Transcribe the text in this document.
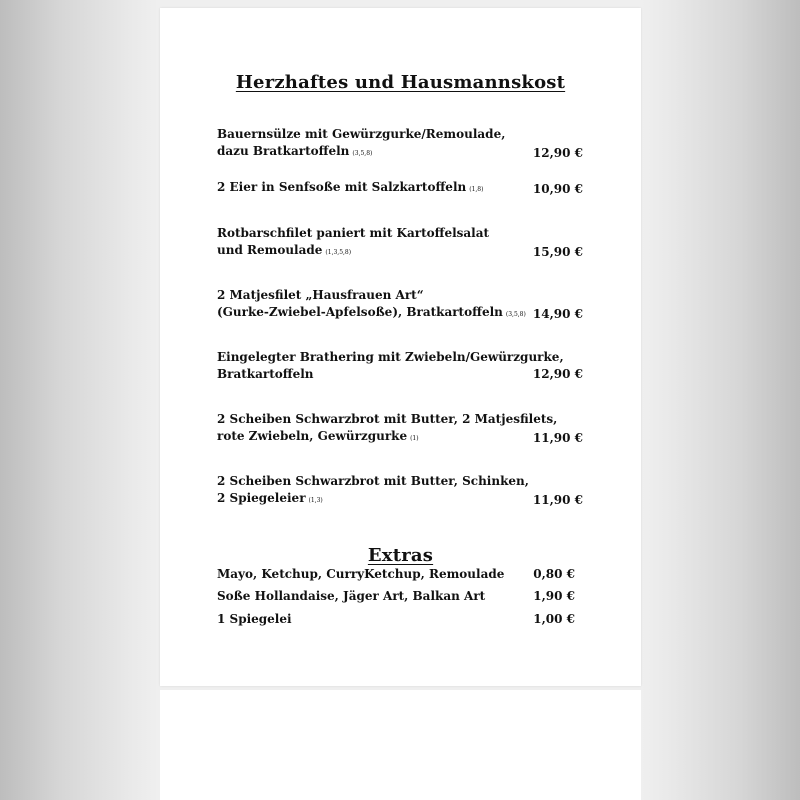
Herzhaftes und Hausmannskost
Bauernsülze mit Gewürzgurke/Remoulade,
dazu Bratkartoffeln (3,5,8)	12,90 €
2 Eier in Senfsoße mit Salzkartoffeln (1,8)	10,90 €
Rotbarschfilet paniert mit Kartoffelsalat
und Remoulade (1,3,5,8)	15,90 €
2 Matjesfilet „Hausfrauen Art“
(Gurke-Zwiebel-Apfelsoße), Bratkartoffeln (3,5,8) 14,90 €
Eingelegter Brathering mit Zwiebeln/Gewürzgurke,
Bratkartoffeln	12,90 €
2 Scheiben Schwarzbrot mit Butter, 2 Matjesfilets,
rote Zwiebeln, Gewürzgurke (1)	11,90 €
2 Scheiben Schwarzbrot mit Butter, Schinken,
2 Spiegeleier (1,3)	11,90 €
Extras
Mayo, Ketchup, CurryKetchup, Remoulade 0,80 €
Soße Hollandaise, Jäger Art, Balkan Art	1,90 €
1 Spiegelei	1,00 €
